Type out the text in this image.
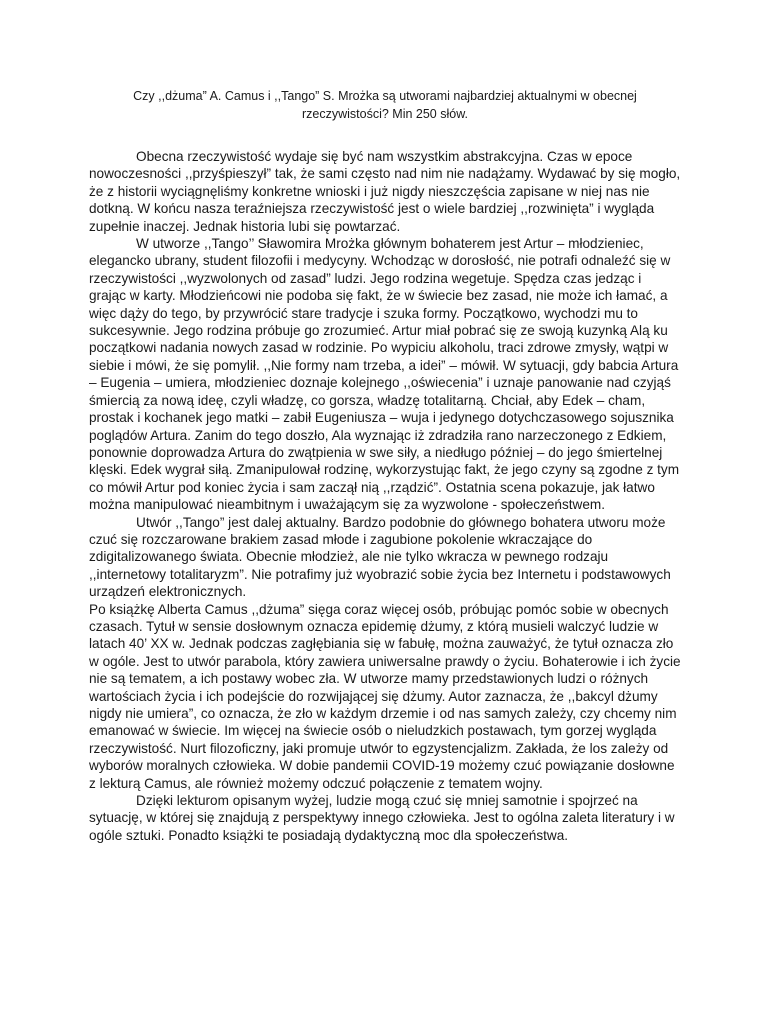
Czy ,,dżuma” A. Camus i ,,Tango” S. Mrożka są utworami najbardziej aktualnymi w obecnej rzeczywistości? Min 250 słów.

Obecna rzeczywistość wydaje się być nam wszystkim abstrakcyjna. Czas w epoce nowoczesności ,,przyśpieszył” tak, że sami często nad nim nie nadążamy. Wydawać by się mogło, że z historii wyciągnęliśmy konkretne wnioski i już nigdy nieszczęścia zapisane w niej nas nie dotkną. W końcu nasza teraźniejsza rzeczywistość jest o wiele bardziej ,,rozwinięta” i wygląda zupełnie inaczej. Jednak historia lubi się powtarzać.

W utworze ,,Tango’’ Sławomira Mrożka głównym bohaterem jest Artur – młodzieniec, elegancko ubrany, student filozofii i medycyny. Wchodząc w dorosłość, nie potrafi odnaleźć się w rzeczywistości ,,wyzwolonych od zasad” ludzi. Jego rodzina wegetuje. Spędza czas jedząc i grając w karty. Młodzieńcowi nie podoba się fakt, że w świecie bez zasad, nie może ich łamać, a więc dąży do tego, by przywrócić stare tradycje i szuka formy. Początkowo, wychodzi mu to sukcesywnie. Jego rodzina próbuje go zrozumieć. Artur miał pobrać się ze swoją kuzynką Alą ku początkowi nadania nowych zasad w rodzinie. Po wypiciu alkoholu, traci zdrowe zmysły, wątpi w siebie i mówi, że się pomylił. ,,Nie formy nam trzeba, a idei” – mówił. W sytuacji, gdy babcia Artura – Eugenia – umiera, młodzieniec doznaje kolejnego ,,oświecenia” i uznaje panowanie nad czyjąś śmiercią za nową ideę, czyli władzę, co gorsza, władzę totalitarną. Chciał, aby Edek – cham, prostak i kochanek jego matki – zabił Eugeniusza – wuja i jedynego dotychczasowego sojusznika poglądów Artura. Zanim do tego doszło, Ala wyznając iż zdradziła rano narzeczonego z Edkiem, ponownie doprowadza Artura do zwątpienia w swe siły, a niedługo później – do jego śmiertelnej klęski. Edek wygrał siłą. Zmanipulował rodzinę, wykorzystując fakt, że jego czyny są zgodne z tym co mówił Artur pod koniec życia i sam zaczął nią ,,rządzić”. Ostatnia scena pokazuje, jak łatwo można manipulować nieambitnym i uważającym się za wyzwolone - społeczeństwem.

Utwór ,,Tango” jest dalej aktualny. Bardzo podobnie do głównego bohatera utworu może czuć się rozczarowane brakiem zasad młode i zagubione pokolenie wkraczające do zdigitalizowanego świata. Obecnie młodzież, ale nie tylko wkracza w pewnego rodzaju ,,internetowy totalitaryzm”. Nie potrafimy już wyobrazić sobie życia bez Internetu i podstawowych urządzeń elektronicznych.

Po książkę Alberta Camus ,,dżuma” sięga coraz więcej osób, próbując pomóc sobie w obecnych czasach. Tytuł w sensie dosłownym oznacza epidemię dżumy, z którą musieli walczyć ludzie w latach 40’ XX w. Jednak podczas zagłębiania się w fabułę, można zauważyć, że tytuł oznacza zło w ogóle. Jest to utwór parabola, który zawiera uniwersalne prawdy o życiu. Bohaterowie i ich życie nie są tematem, a ich postawy wobec zła. W utworze mamy przedstawionych ludzi o różnych wartościach życia i ich podejście do rozwijającej się dżumy. Autor zaznacza, że ,,bakcyl dżumy nigdy nie umiera”, co oznacza, że zło w każdym drzemie i od nas samych zależy, czy chcemy nim emanować w świecie. Im więcej na świecie osób o nieludzkich postawach, tym gorzej wygląda rzeczywistość. Nurt filozoficzny, jaki promuje utwór to egzystencjalizm. Zakłada, że los zależy od wyborów moralnych człowieka. W dobie pandemii COVID-19 możemy czuć powiązanie dosłowne z lekturą Camus, ale również możemy odczuć połączenie z tematem wojny.

Dzięki lekturom opisanym wyżej, ludzie mogą czuć się mniej samotnie i spojrzeć na sytuację, w której się znajdują z perspektywy innego człowieka. Jest to ogólna zaleta literatury i w ogóle sztuki. Ponadto książki te posiadają dydaktyczną moc dla społeczeństwa.
